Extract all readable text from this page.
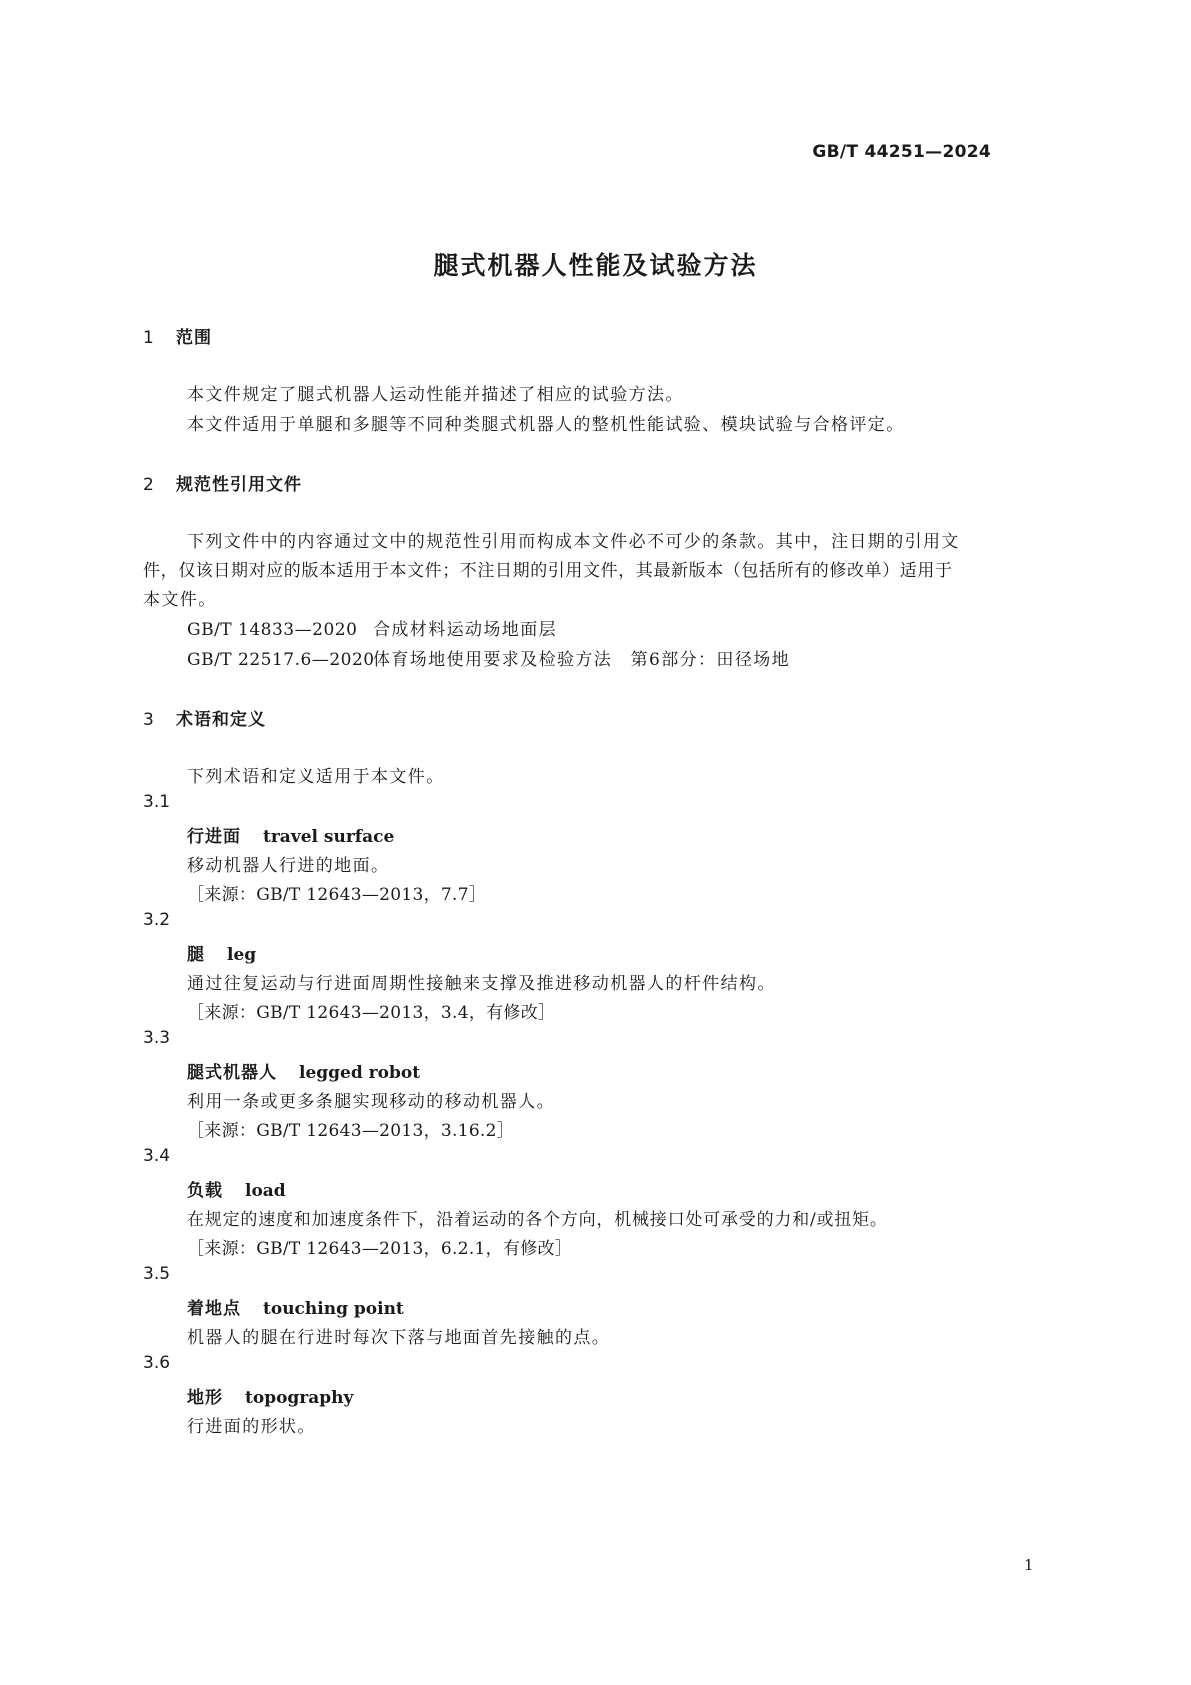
GB/T 44251—2024
腿式机器人性能及试验方法
1 范围
本文件规定了腿式机器人运动性能并描述了相应的试验方法。
本文件适用于单腿和多腿等不同种类腿式机器人的整机性能试验、模块试验与合格评定。
2 规范性引用文件
下列文件中的内容通过文中的规范性引用而构成本文件必不可少的条款。其中，注日期的引用文
件，仅该日期对应的版本适用于本文件；不注日期的引用文件，其最新版本（包括所有的修改单）适用于
本文件。
GB/T 14833—2020 合成材料运动场地面层
GB/T 22517.6—2020体育场地使用要求及检验方法　第6部分：田径场地
3 术语和定义
下列术语和定义适用于本文件。
3.1
行进面 travel surface
移动机器人行进的地面。
［来源：GB/T 12643—2013，7.7］
3.2
腿 leg
通过往复运动与行进面周期性接触来支撑及推进移动机器人的杆件结构。
［来源：GB/T 12643—2013，3.4，有修改］
3.3
腿式机器人 legged robot
利用一条或更多条腿实现移动的移动机器人。
［来源：GB/T 12643—2013，3.16.2］
3.4
负载 load
在规定的速度和加速度条件下，沿着运动的各个方向，机械接口处可承受的力和/或扭矩。
［来源：GB/T 12643—2013，6.2.1，有修改］
3.5
着地点 touching point
机器人的腿在行进时每次下落与地面首先接触的点。
3.6
地形 topography
行进面的形状。
1
